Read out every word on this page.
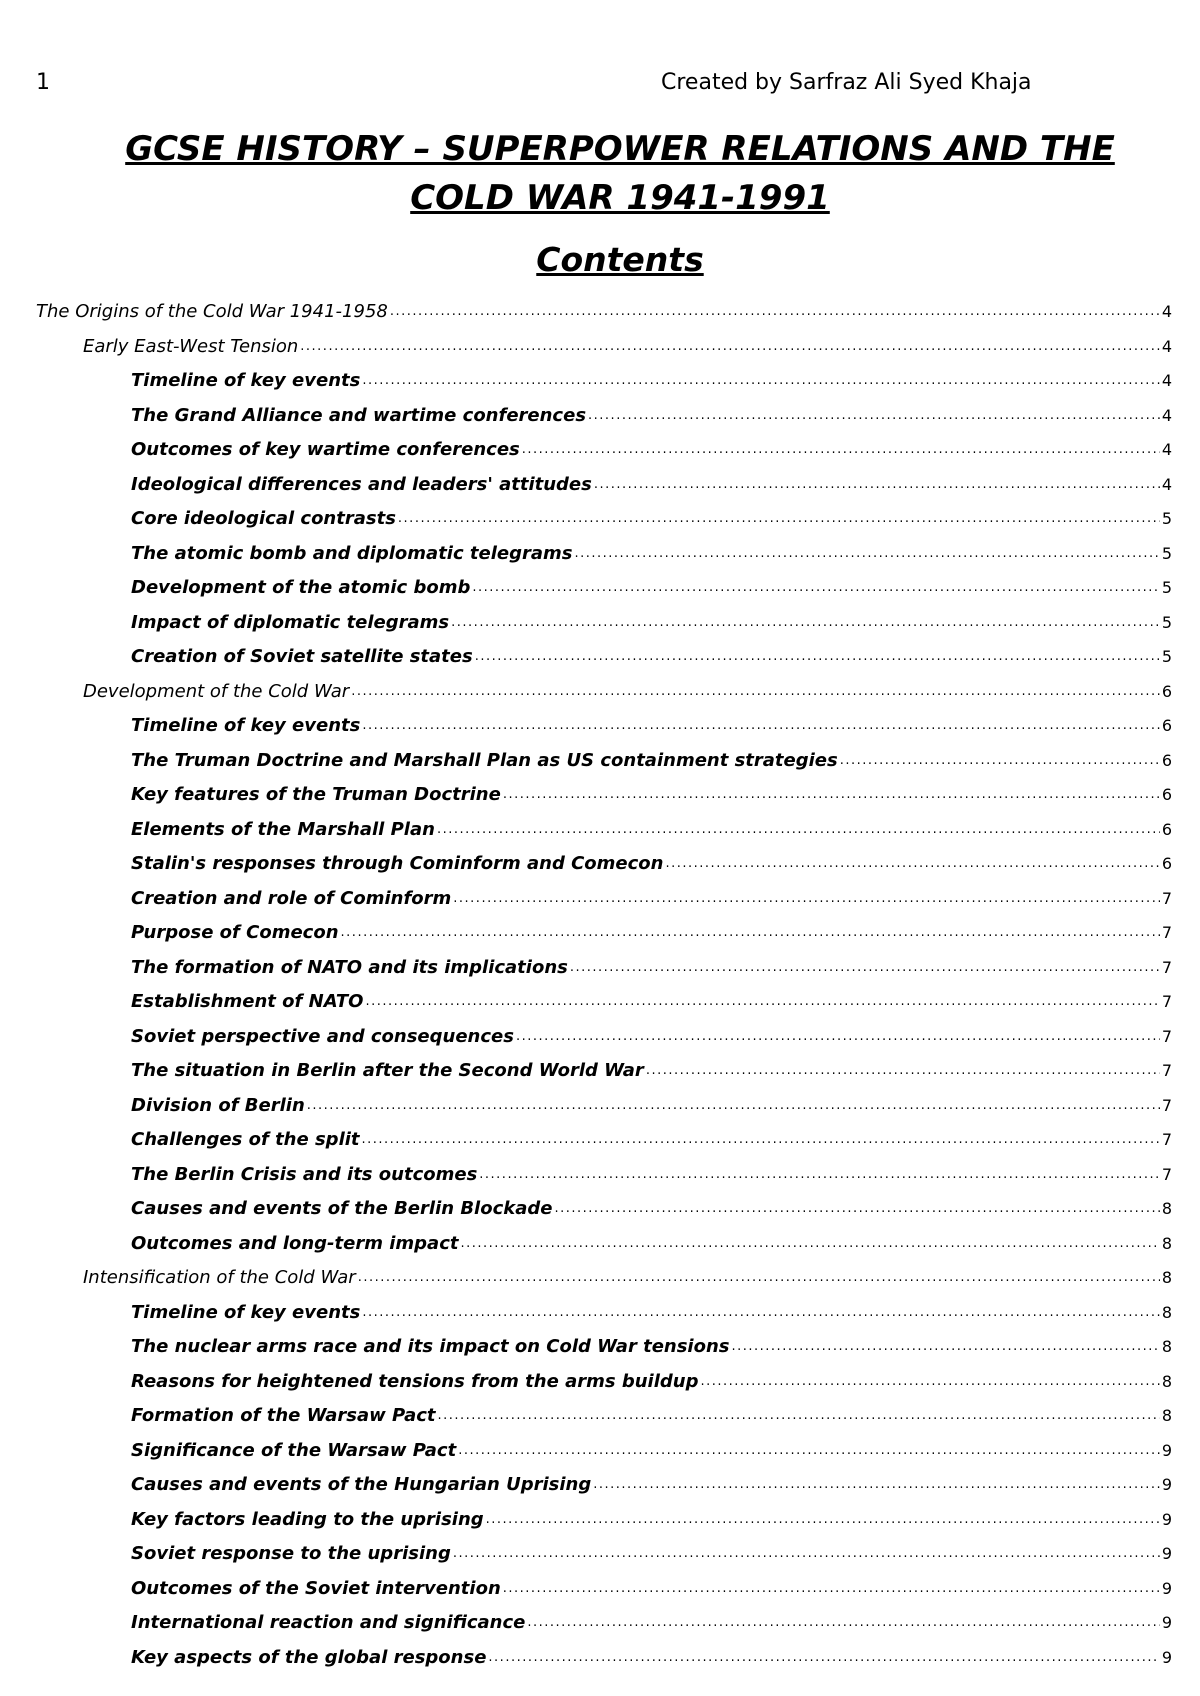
1	Created by Sarfraz Ali Syed Khaja
GCSE HISTORY – SUPERPOWER RELATIONS AND THE
COLD WAR 1941-1991
Contents
The Origins of the Cold War 1941-1958 .....	4
Early East-West Tension .....	4
Timeline of key events .....	4
The Grand Alliance and wartime conferences .....	4
Outcomes of key wartime conferences .....	4
Ideological differences and leaders' attitudes .....	4
Core ideological contrasts .....	5
The atomic bomb and diplomatic telegrams .....	5
Development of the atomic bomb .....	5
Impact of diplomatic telegrams .....	5
Creation of Soviet satellite states .....	5
Development of the Cold War .....	6
Timeline of key events .....	6
The Truman Doctrine and Marshall Plan as US containment strategies .....	6
Key features of the Truman Doctrine .....	6
Elements of the Marshall Plan .....	6
Stalin's responses through Cominform and Comecon .....	6
Creation and role of Cominform .....	7
Purpose of Comecon .....	7
The formation of NATO and its implications .....	7
Establishment of NATO .....	7
Soviet perspective and consequences .....	7
The situation in Berlin after the Second World War .....	7
Division of Berlin .....	7
Challenges of the split .....	7
The Berlin Crisis and its outcomes .....	7
Causes and events of the Berlin Blockade .....	8
Outcomes and long-term impact .....	8
Intensification of the Cold War .....	8
Timeline of key events .....	8
The nuclear arms race and its impact on Cold War tensions .....	8
Reasons for heightened tensions from the arms buildup .....	8
Formation of the Warsaw Pact .....	8
Significance of the Warsaw Pact .....	9
Causes and events of the Hungarian Uprising .....	9
Key factors leading to the uprising .....	9
Soviet response to the uprising .....	9
Outcomes of the Soviet intervention .....	9
International reaction and significance .....	9
Key aspects of the global response .....	9
